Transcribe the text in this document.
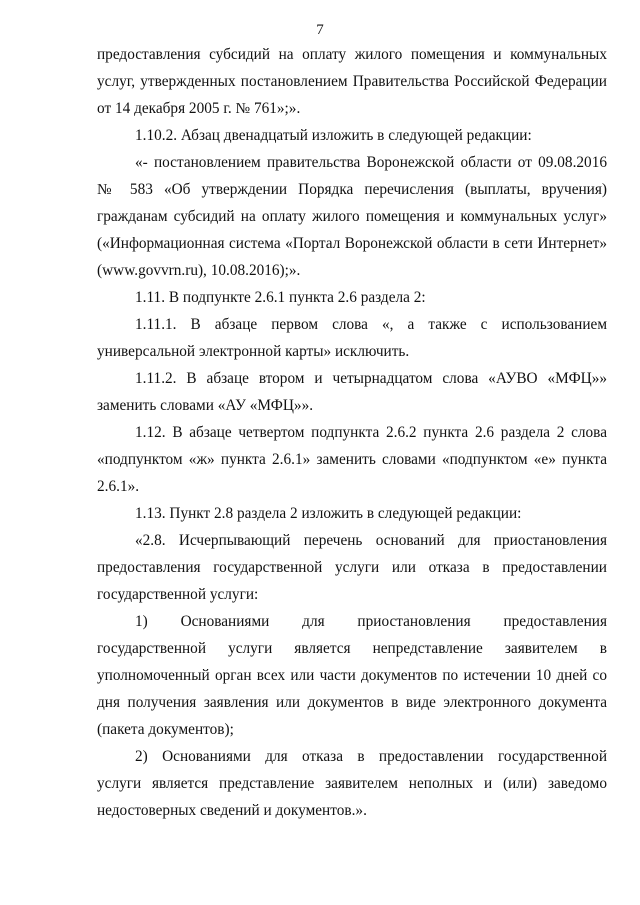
7
предоставления субсидий на оплату жилого помещения и коммунальных
услуг, утвержденных постановлением Правительства Российской Федерации
от 14 декабря 2005 г. № 761»;».
1.10.2. Абзац двенадцатый изложить в следующей редакции:
«- постановлением правительства Воронежской области от 09.08.2016
№ 583 «Об утверждении Порядка перечисления (выплаты, вручения)
гражданам субсидий на оплату жилого помещения и коммунальных услуг»
(«Информационная система «Портал Воронежской области в сети Интернет»
(www.govvrn.ru), 10.08.2016);».
1.11. В подпункте 2.6.1 пункта 2.6 раздела 2:
1.11.1. В абзаце первом слова «, а также с использованием
универсальной электронной карты» исключить.
1.11.2. В абзаце втором и четырнадцатом слова «АУВО «МФЦ»»
заменить словами «АУ «МФЦ»».
1.12. В абзаце четвертом подпункта 2.6.2 пункта 2.6 раздела 2 слова
«подпунктом «ж» пункта 2.6.1» заменить словами «подпунктом «е» пункта
2.6.1».
1.13. Пункт 2.8 раздела 2 изложить в следующей редакции:
«2.8. Исчерпывающий перечень оснований для приостановления
предоставления государственной услуги или отказа в предоставлении
государственной услуги:
1) Основаниями для приостановления предоставления
государственной услуги является непредставление заявителем в
уполномоченный орган всех или части документов по истечении 10 дней со
дня получения заявления или документов в виде электронного документа
(пакета документов);
2) Основаниями для отказа в предоставлении государственной
услуги является представление заявителем неполных и (или) заведомо
недостоверных сведений и документов.».
